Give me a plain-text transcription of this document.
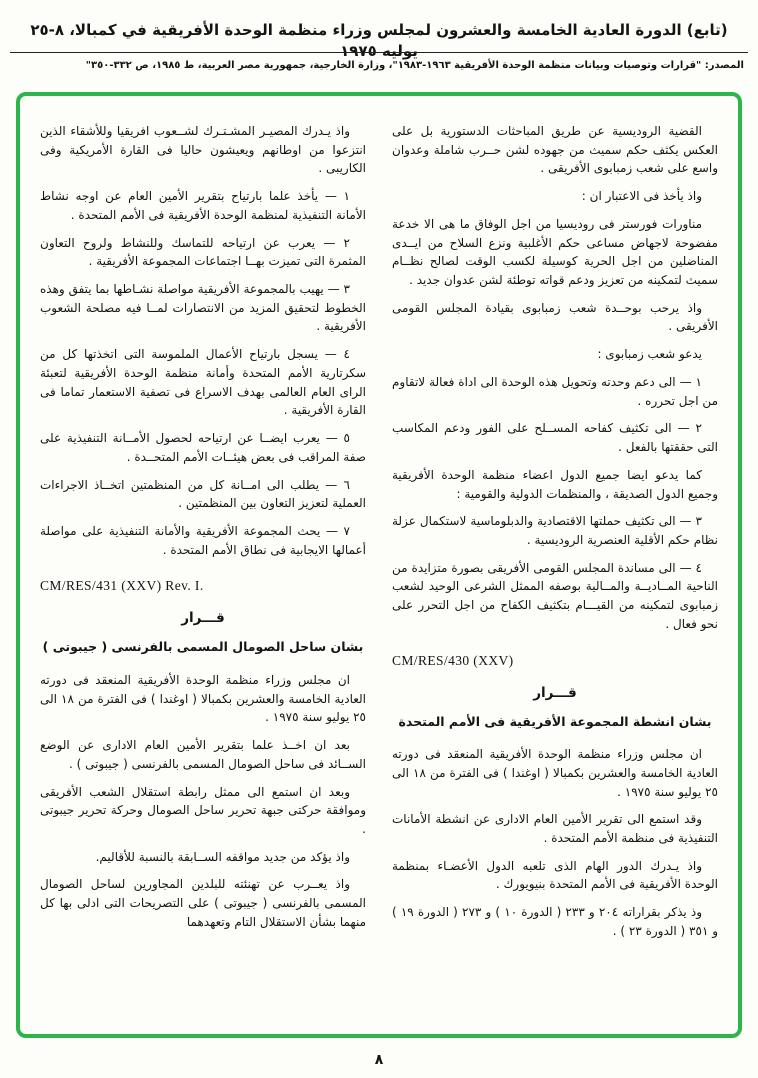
(تابع) الدورة العادية الخامسة والعشرون لمجلس وزراء منظمة الوحدة الأفريقية في كمبالا، ٨-٢٥ يوليه ١٩٧٥
المصدر: "قرارات وتوصيات وبيانات منظمة الوحدة الأفريقية ١٩٦٣-١٩٨٣"، وزارة الخارجية، جمهورية مصر العربية، ط ١٩٨٥، ص ٣٣٢-٣٥٠"
القضية الروديسية عن طريق المباحثات الدستورية بل على العكس يكثف حكم سميث من جهوده لشن حــرب شاملة وعدوان واسع على شعب زمبابوى الأفريقى .
واذ يأخذ فى الاعتبار ان :
مناورات فورستر فى روديسيا من اجل الوفاق ما هى الا خدعة مفضوحة لاجهاض مساعى حكم الأغلبية ونزع السلاح من ايــدى المناضلين من اجل الحرية كوسيلة لكسب الوقت لصالح نظــام سميث لتمكينه من تعزيز ودعم قواته توطئة لشن عدوان جديد .
واذ يرحب بوحــدة شعب زمبابوى بقيادة المجلس القومى الأفريقى .
يدعو شعب زمبابوى :
١ — الى دعم وحدته وتحويل هذه الوحدة الى اداة فعالة لاتقاوم من اجل تحرره .
٢ — الى تكثيف كفاحه المســلح على الفور ودعم المكاسب التى حققتها بالفعل .
كما يدعو ايضا جميع الدول اعضاء منظمة الوحدة الأفريقية وجميع الدول الصديقة ، والمنظمات الدولية والقومية :
٣ — الى تكثيف حملتها الاقتصادية والدبلوماسية لاستكمال عزلة نظام حكم الأقلية العنصرية الروديسية .
٤ — الى مساندة المجلس القومى الأفريقى بصورة متزايدة من الناحية المــاديــة والمــالية بوصفه الممثل الشرعى الوحيد لشعب زمبابوى لتمكينه من القيـــام بتكثيف الكفاح من اجل التحرر على نحو فعال .
CM/RES/430 (XXV)
قـــرار
بشان انشطة المجموعة الأفريقية فى الأمم المتحدة
ان مجلس وزراء منظمة الوحدة الأفريقية المنعقد فى دورته العادية الخامسة والعشرين بكمبالا ( اوغندا ) فى الفترة من ١٨ الى ٢٥ يوليو سنة ١٩٧٥ .
وقد استمع الى تقرير الأمين العام الادارى عن انشطة الأمانات التنفيذية فى منظمة الأمم المتحدة .
واذ يـدرك الدور الهام الذى تلعبه الدول الأعضـاء بمنظمة الوحدة الأفريقية فى الأمم المتحدة بنيويورك .
وذ يذكر بقراراته ٢٠٤ و ٢٣٣ ( الدورة ١٠ ) و ٢٧٣ ( الدورة ١٩ ) و ٣٥١ ( الدورة ٢٣ ) .
واذ يـدرك المصيـر المشـتـرك لشــعوب افريقيا وللأشقاء الذين انتزعوا من اوطانهم ويعيشون حاليا فى القارة الأمريكية وفى الكاريبى .
١ — يأخذ علما بارتياح بتقرير الأمين العام عن اوجه نشاط الأمانة التنفيذية لمنظمة الوحدة الأفريقية فى الأمم المتحدة .
٢ — يعرب عن ارتياحه للتماسك وللنشاط ولروح التعاون المثمرة التى تميزت بهــا اجتماعات المجموعة الأفريقية .
٣ — يهيب بالمجموعة الأفريقية مواصلة نشـاطها بما يتفق وهذه الخطوط لتحقيق المزيد من الانتصارات لمــا فيه مصلحة الشعوب الأفريقية .
٤ — يسجل بارتياح الأعمال الملموسة التى اتخذتها كل من سكرتارية الأمم المتحدة وأمانة منظمة الوحدة الأفريقية لتعبئة الراى العام العالمى بهدف الاسراع فى تصفية الاستعمار تماما فى القارة الأفريقية .
٥ — يعرب ايضــا عن ارتياحه لحصول الأمــانة التنفيذية على صفة المراقب فى بعض هيئــات الأمم المتحــدة .
٦ — يطلب الى امــانة كل من المنظمتين اتخــاذ الاجراءات العملية لتعزيز التعاون بين المنظمتين .
٧ — يحث المجموعة الأفريقية والأمانة التنفيذية على مواصلة أعمالها الايجابية فى نطاق الأمم المتحدة .
CM/RES/431 (XXV) Rev. I.
قـــرار
بشان ساحل الصومال المسمى بالفرنسى ( جيبوتى )
ان مجلس وزراء منظمة الوحدة الأفريقية المنعقد فى دورته العادية الخامسة والعشرين بكمبالا ( اوغندا ) فى الفترة من ١٨ الى ٢٥ يوليو سنة ١٩٧٥ .
بعد ان اخــذ علما بتقرير الأمين العام الادارى عن الوضع الســائد فى ساحل الصومال المسمى بالفرنسى ( جيبوتى ) .
وبعد ان استمع الى ممثل رابطة استقلال الشعب الأفريقى وموافقة حركتى جبهة تحرير ساحل الصومال وحركة تحرير جيبوتى .
واذ يؤكد من جديد مواقفه الســابقة بالنسبة للأقاليم.
واذ يعــرب عن تهنئته للبلدين المجاورين لساحل الصومال المسمى بالفرنسى ( جيبوتى ) على التصريحات التى ادلى بها كل منهما بشأن الاستقلال التام وتعهدهما
٨
